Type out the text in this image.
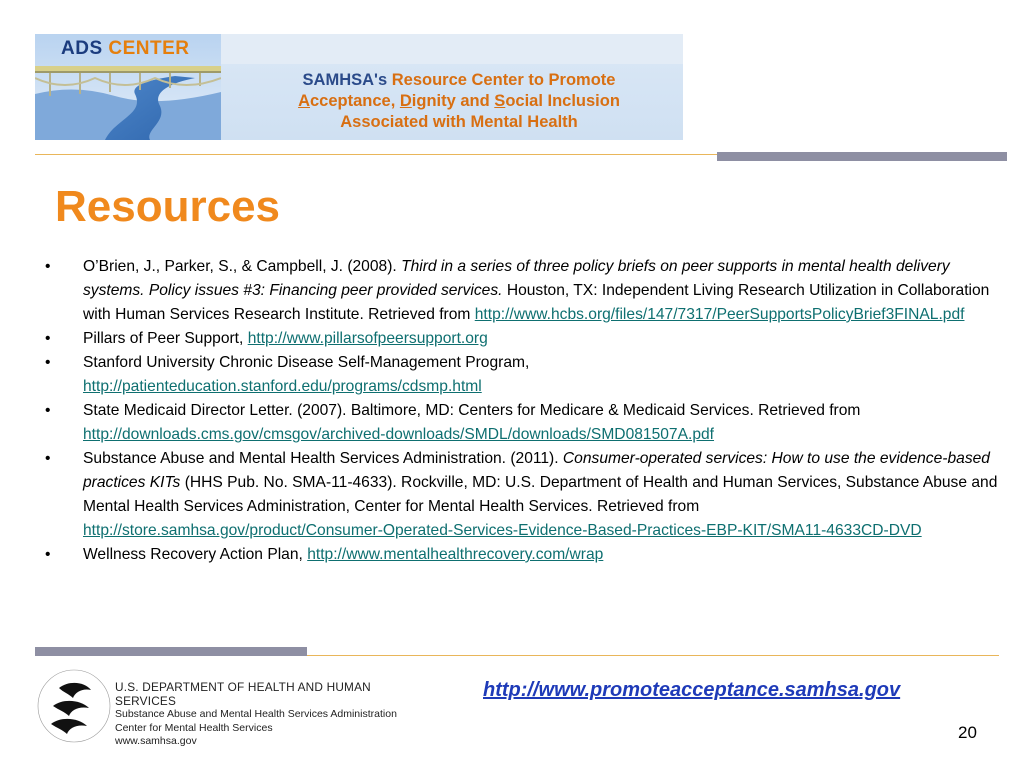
ADS CENTER
SAMHSA's Resource Center to Promote
Acceptance, Dignity and Social Inclusion
Associated with Mental Health
Resources
• O’Brien, J., Parker, S., & Campbell, J. (2008). Third in a series of three policy briefs on peer supports in mental health delivery systems. Policy issues #3: Financing peer provided services. Houston, TX: Independent Living Research Utilization in Collaboration with Human Services Research Institute. Retrieved from http://www.hcbs.org/files/147/7317/PeerSupportsPolicyBrief3FINAL.pdf
• Pillars of Peer Support, http://www.pillarsofpeersupport.org
• Stanford University Chronic Disease Self-Management Program,
http://patienteducation.stanford.edu/programs/cdsmp.html
• State Medicaid Director Letter. (2007). Baltimore, MD: Centers for Medicare & Medicaid Services. Retrieved from http://downloads.cms.gov/cmsgov/archived-downloads/SMDL/downloads/SMD081507A.pdf
• Substance Abuse and Mental Health Services Administration. (2011). Consumer-operated services: How to use the evidence-based practices KITs (HHS Pub. No. SMA-11-4633). Rockville, MD: U.S. Department of Health and Human Services, Substance Abuse and Mental Health Services Administration, Center for Mental Health Services. Retrieved from http://store.samhsa.gov/product/Consumer-Operated-Services-Evidence-Based-Practices-EBP-KIT/SMA11-4633CD-DVD
• Wellness Recovery Action Plan, http://www.mentalhealthrecovery.com/wrap
U.S. DEPARTMENT OF HEALTH AND HUMAN SERVICES
Substance Abuse and Mental Health Services Administration
Center for Mental Health Services
www.samhsa.gov
http://www.promoteacceptance.samhsa.gov
20
